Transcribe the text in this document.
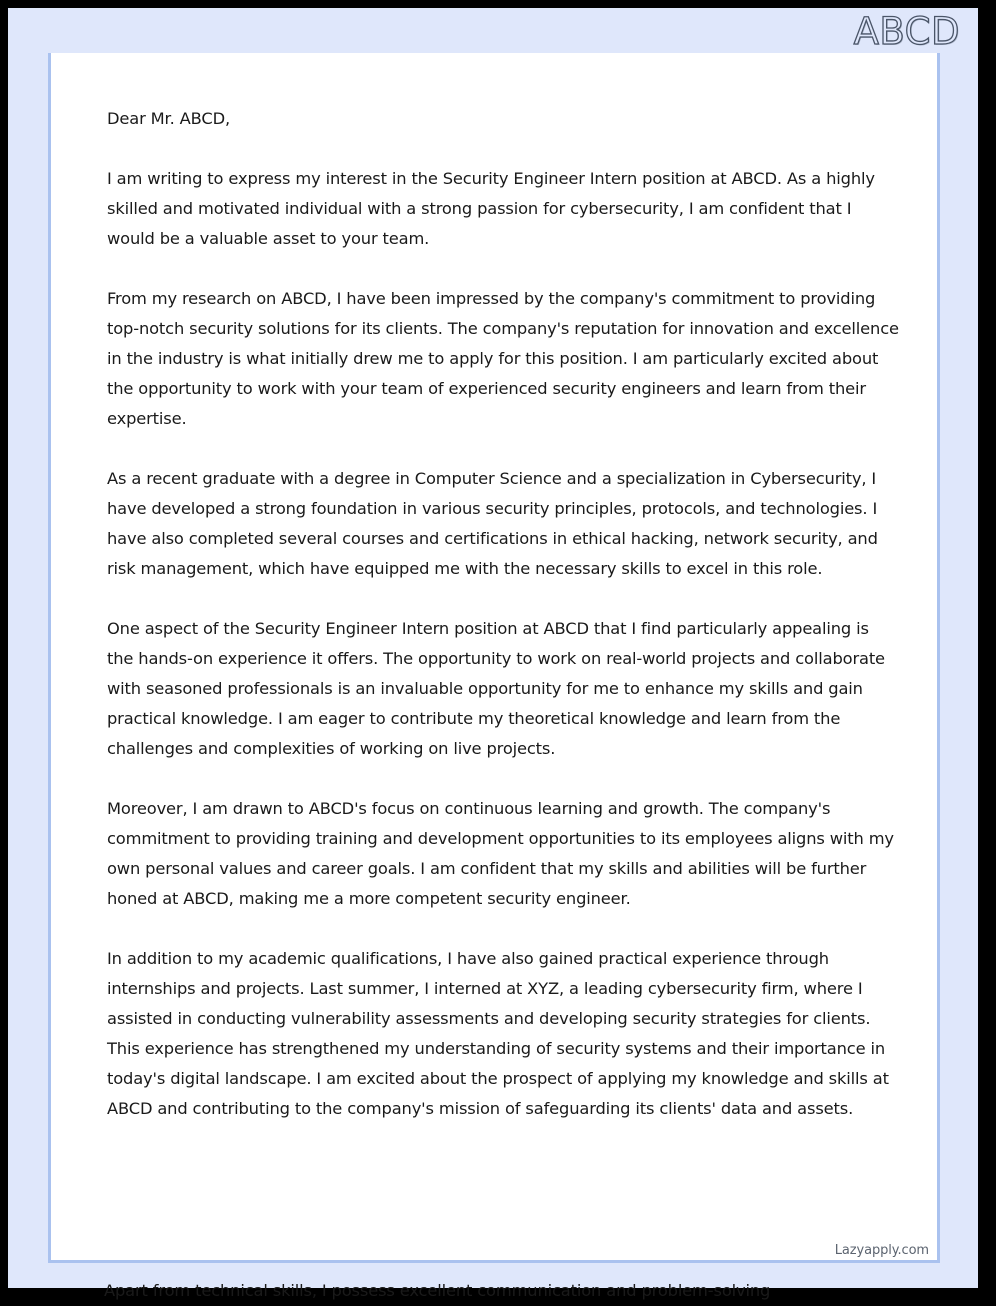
ABCD

Dear Mr. ABCD,

I am writing to express my interest in the Security Engineer Intern position at ABCD. As a highly skilled and motivated individual with a strong passion for cybersecurity, I am confident that I would be a valuable asset to your team.

From my research on ABCD, I have been impressed by the company's commitment to providing top-notch security solutions for its clients. The company's reputation for innovation and excellence in the industry is what initially drew me to apply for this position. I am particularly excited about the opportunity to work with your team of experienced security engineers and learn from their expertise.

As a recent graduate with a degree in Computer Science and a specialization in Cybersecurity, I have developed a strong foundation in various security principles, protocols, and technologies. I have also completed several courses and certifications in ethical hacking, network security, and risk management, which have equipped me with the necessary skills to excel in this role.

One aspect of the Security Engineer Intern position at ABCD that I find particularly appealing is the hands-on experience it offers. The opportunity to work on real-world projects and collaborate with seasoned professionals is an invaluable opportunity for me to enhance my skills and gain practical knowledge. I am eager to contribute my theoretical knowledge and learn from the challenges and complexities of working on live projects.

Moreover, I am drawn to ABCD's focus on continuous learning and growth. The company's commitment to providing training and development opportunities to its employees aligns with my own personal values and career goals. I am confident that my skills and abilities will be further honed at ABCD, making me a more competent security engineer.

In addition to my academic qualifications, I have also gained practical experience through internships and projects. Last summer, I interned at XYZ, a leading cybersecurity firm, where I assisted in conducting vulnerability assessments and developing security strategies for clients. This experience has strengthened my understanding of security systems and their importance in today's digital landscape. I am excited about the prospect of applying my knowledge and skills at ABCD and contributing to the company's mission of safeguarding its clients' data and assets.

Lazyapply.com
Apart from technical skills, I possess excellent communication and problem-solving
